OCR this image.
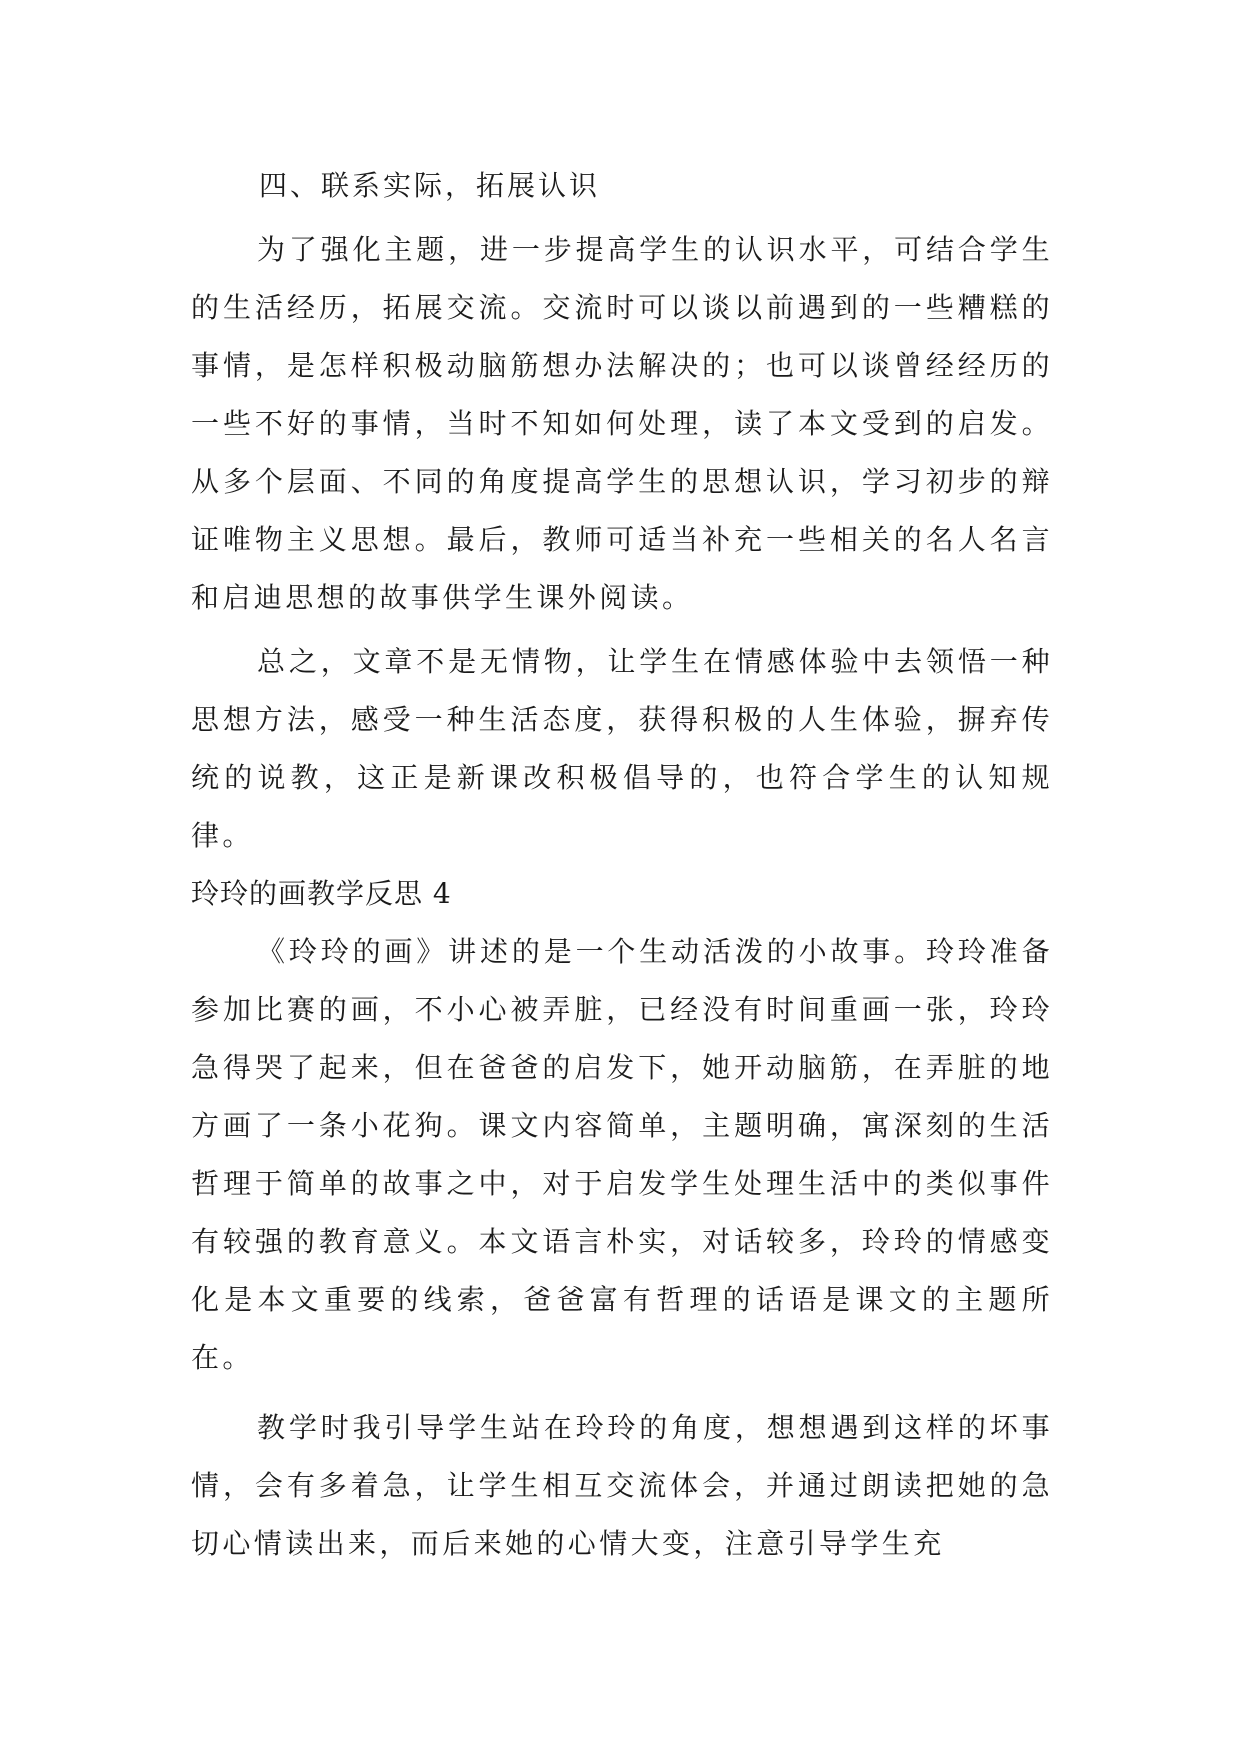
四、联系实际，拓展认识

为了强化主题，进一步提高学生的认识水平，可结合学生的生活经历，拓展交流。交流时可以谈以前遇到的一些糟糕的事情，是怎样积极动脑筋想办法解决的；也可以谈曾经经历的一些不好的事情，当时不知如何处理，读了本文受到的启发。从多个层面、不同的角度提高学生的思想认识，学习初步的辩证唯物主义思想。最后，教师可适当补充一些相关的名人名言和启迪思想的故事供学生课外阅读。

总之，文章不是无情物，让学生在情感体验中去领悟一种思想方法，感受一种生活态度，获得积极的人生体验，摒弃传统的说教，这正是新课改积极倡导的，也符合学生的认知规律。

玲玲的画教学反思 4

《玲玲的画》讲述的是一个生动活泼的小故事。玲玲准备参加比赛的画，不小心被弄脏，已经没有时间重画一张，玲玲急得哭了起来，但在爸爸的启发下，她开动脑筋，在弄脏的地方画了一条小花狗。课文内容简单，主题明确，寓深刻的生活哲理于简单的故事之中，对于启发学生处理生活中的类似事件有较强的教育意义。本文语言朴实，对话较多，玲玲的情感变化是本文重要的线索，爸爸富有哲理的话语是课文的主题所在。

教学时我引导学生站在玲玲的角度，想想遇到这样的坏事情，会有多着急，让学生相互交流体会，并通过朗读把她的急切心情读出来，而后来她的心情大变，注意引导学生充
